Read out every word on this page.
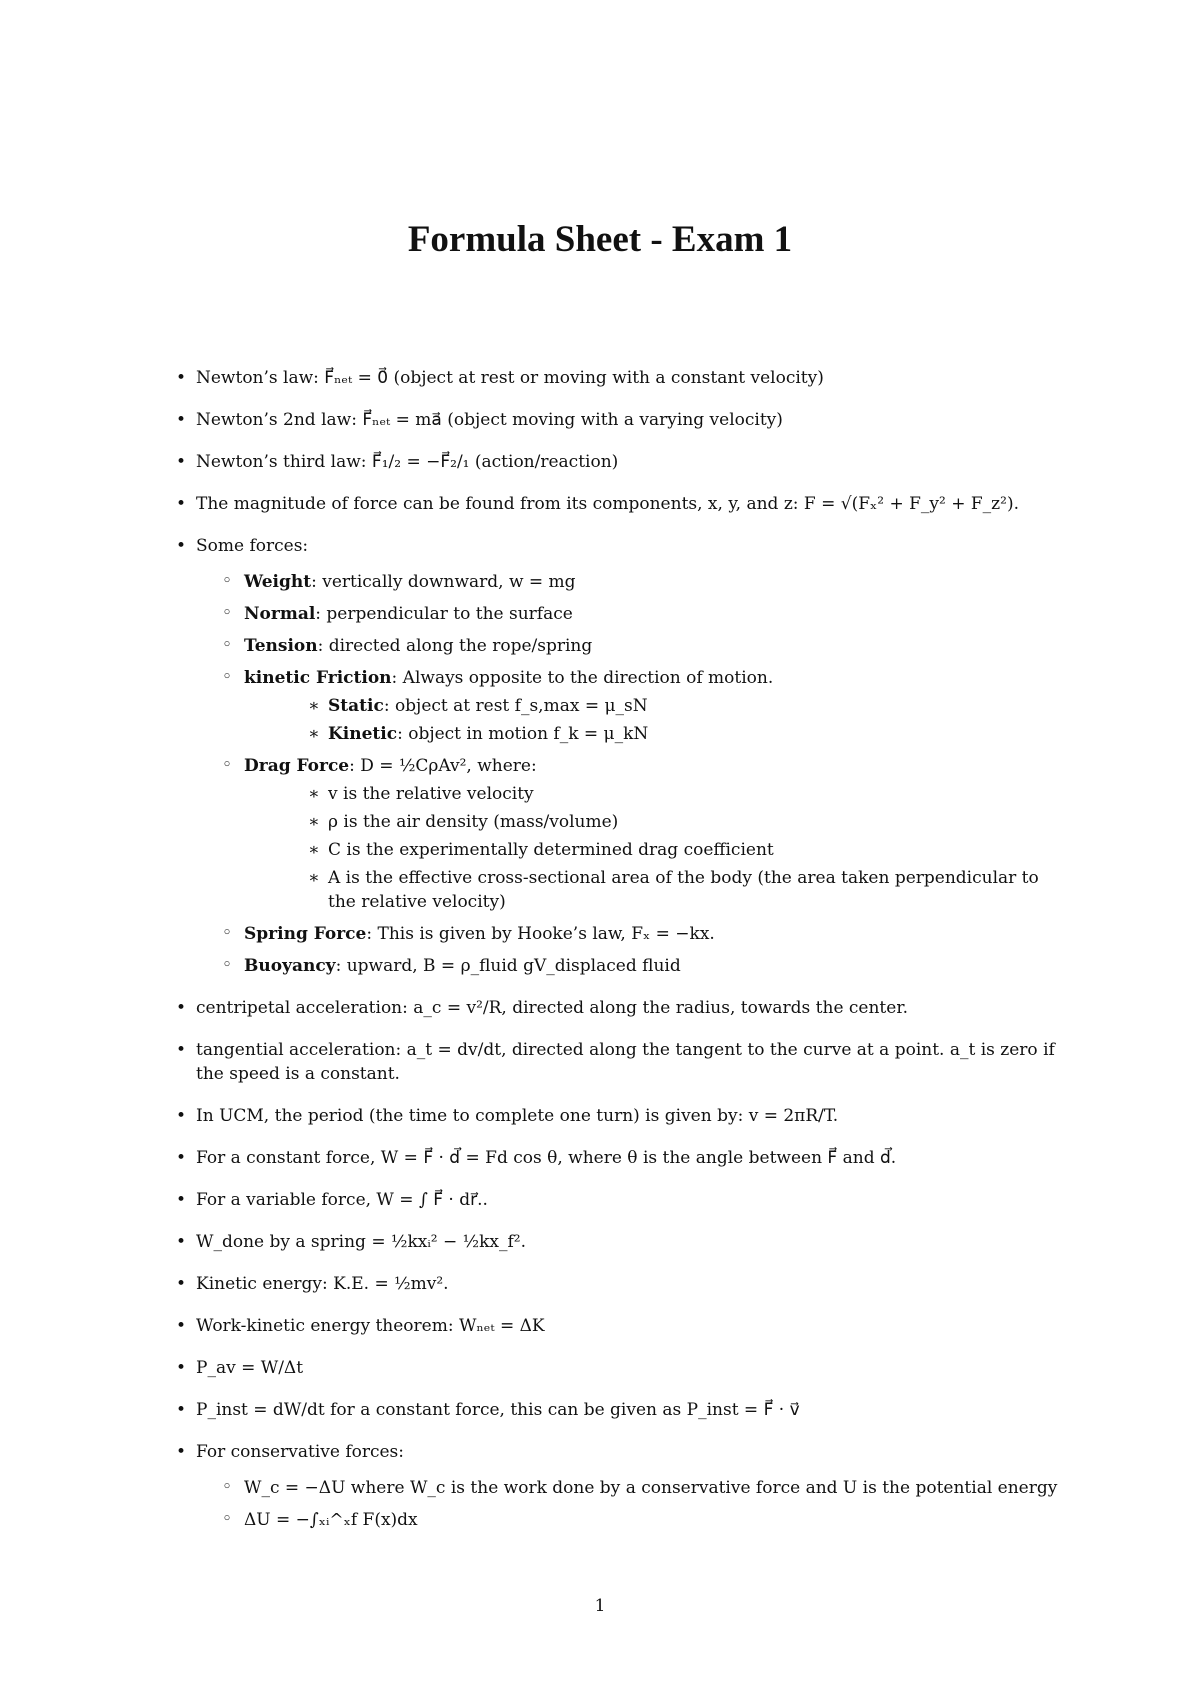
Formula Sheet - Exam 1
• Newton’s law: F⃗ₙₑₜ = 0⃗ (object at rest or moving with a constant velocity)
• Newton’s 2nd law: F⃗ₙₑₜ = ma⃗ (object moving with a varying velocity)
• Newton’s third law: F⃗₁/₂ = −F⃗₂/₁ (action/reaction)
• The magnitude of force can be found from its components, x, y, and z: F = √(Fₓ² + F_y² + F_z²).
• Some forces:
◦ Weight: vertically downward, w = mg
◦ Normal: perpendicular to the surface
◦ Tension: directed along the rope/spring
◦ kinetic Friction: Always opposite to the direction of motion.
∗ Static: object at rest f_s,max = μ_sN
∗ Kinetic: object in motion f_k = μ_kN
◦ Drag Force: D = ½CρAv², where:
∗ v is the relative velocity
∗ ρ is the air density (mass/volume)
∗ C is the experimentally determined drag coefficient
∗ A is the effective cross-sectional area of the body (the area taken perpendicular to the relative velocity)
◦ Spring Force: This is given by Hooke’s law, Fₓ = −kx.
◦ Buoyancy: upward, B = ρ_fluid gV_displaced fluid
• centripetal acceleration: a_c = v²/R, directed along the radius, towards the center.
• tangential acceleration: a_t = dv/dt, directed along the tangent to the curve at a point. a_t is zero if the speed is a constant.
• In UCM, the period (the time to complete one turn) is given by: v = 2πR/T.
• For a constant force, W = F⃗ · d⃗ = Fd cos θ, where θ is the angle between F⃗ and d⃗.
• For a variable force, W = ∫ F⃗ · dr⃗..
• W_done by a spring = ½kxᵢ² − ½kx_f².
• Kinetic energy: K.E. = ½mv².
• Work-kinetic energy theorem: Wₙₑₜ = ΔK
• P_av = W/Δt
• P_inst = dW/dt for a constant force, this can be given as P_inst = F⃗ · v⃗
• For conservative forces:
◦ W_c = −ΔU where W_c is the work done by a conservative force and U is the potential energy
◦ ΔU = −∫ₓᵢ^ₓf F(x)dx
1
